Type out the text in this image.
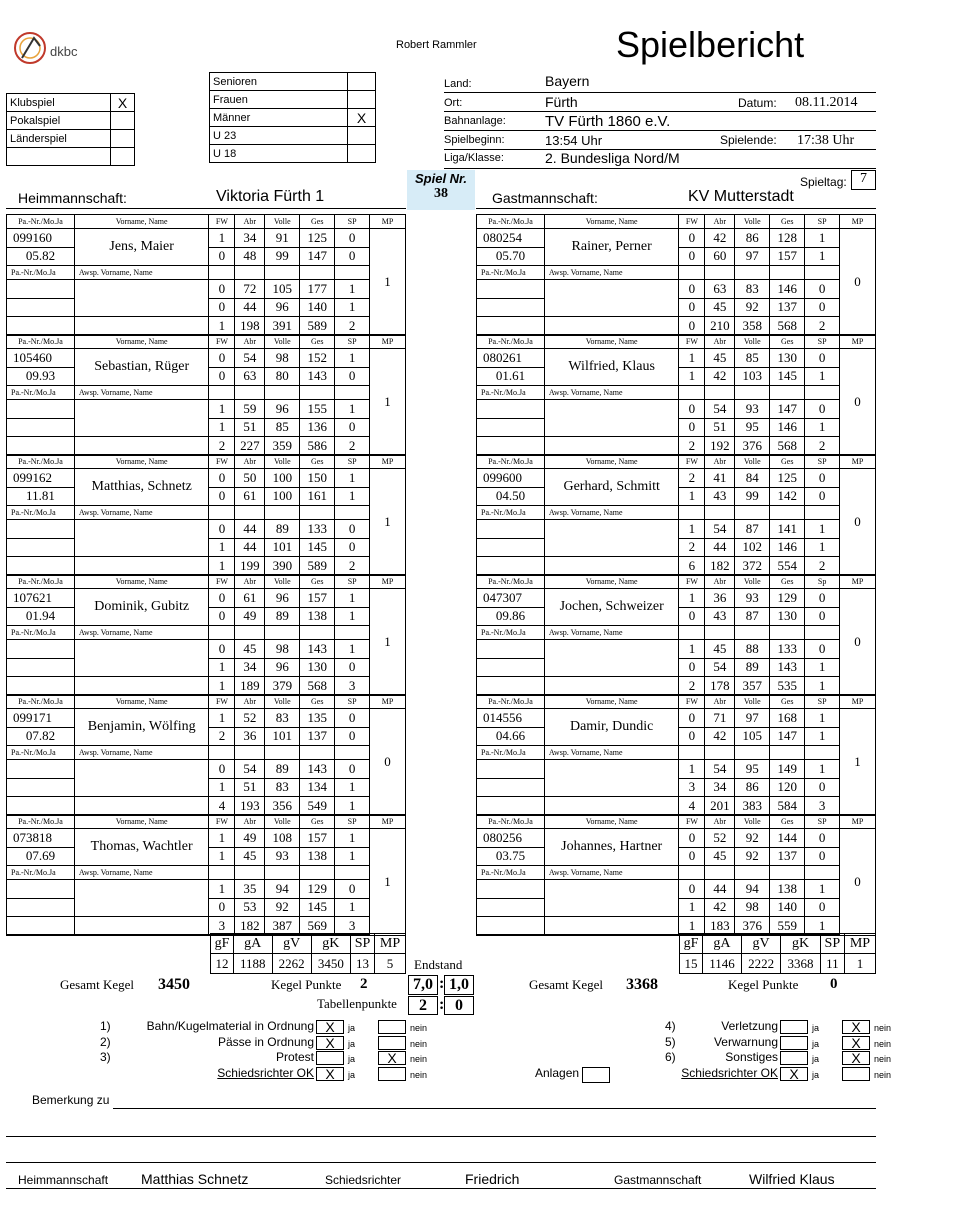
dkbc	Robert Rammler	Spielbericht
Klubspiel	X
Pokalspiel	
Länderspiel	

Senioren	
Frauen	
Männer	X
U 23	
U 18	
Land:	Bayern
Ort:	Fürth	Datum: 08.11.2014
Bahnanlage:	TV Fürth 1860 e.V.
Spielbeginn:	13:54 Uhr	Spielende: 17:38 Uhr
Liga/Klasse:	2. Bundesliga Nord/M
Spieltag: 7
Spiel Nr.
38
Heimmannschaft:	Viktoria Fürth 1	Gastmannschaft:	KV Mutterstadt
Pa.-Nr./Mo.Ja	Vorname, Name	FW	Abr	Volle	Ges	SP	MP
099160	Jens, Maier	1	34	91	125	0	1
05.82		0	48	99	147	0	
Pa.-Nr./Mo.Ja	Awsp. Vorname, Name						
		0	72	105	177	1	
		0	44	96	140	1	
		1	198	391	589	2	
Pa.-Nr./Mo.Ja	Vorname, Name	FW	Abr	Volle	Ges	SP	MP
105460	Sebastian, Rüger	0	54	98	152	1	1
09.93		0	63	80	143	0	
Pa.-Nr./Mo.Ja	Awsp. Vorname, Name						
		1	59	96	155	1	
		1	51	85	136	0	
		2	227	359	586	2	
Pa.-Nr./Mo.Ja	Vorname, Name	FW	Abr	Volle	Ges	SP	MP
099162	Matthias, Schnetz	0	50	100	150	1	1
11.81		0	61	100	161	1	
Pa.-Nr./Mo.Ja	Awsp. Vorname, Name						
		0	44	89	133	0	
		1	44	101	145	0	
		1	199	390	589	2	
Pa.-Nr./Mo.Ja	Vorname, Name	FW	Abr	Volle	Ges	SP	MP
107621	Dominik, Gubitz	0	61	96	157	1	1
01.94		0	49	89	138	1	
Pa.-Nr./Mo.Ja	Awsp. Vorname, Name						
		0	45	98	143	1	
		1	34	96	130	0	
		1	189	379	568	3	
Pa.-Nr./Mo.Ja	Vorname, Name	FW	Abr	Volle	Ges	SP	MP
099171	Benjamin, Wölfing	1	52	83	135	0	0
07.82		2	36	101	137	0	
Pa.-Nr./Mo.Ja	Awsp. Vorname, Name						
		0	54	89	143	0	
		1	51	83	134	1	
		4	193	356	549	1	
Pa.-Nr./Mo.Ja	Vorname, Name	FW	Abr	Volle	Ges	SP	MP
073818	Thomas, Wachtler	1	49	108	157	1	1
07.69		1	45	93	138	1	
Pa.-Nr./Mo.Ja	Awsp. Vorname, Name						
		1	35	94	129	0	
		0	53	92	145	1	
		3	182	387	569	3	
Pa.-Nr./Mo.Ja	Vorname, Name	FW	Abr	Volle	Ges	SP	MP
080254	Rainer, Perner	0	42	86	128	1	0
05.70		0	60	97	157	1	
Pa.-Nr./Mo.Ja	Awsp. Vorname, Name						
		0	63	83	146	0	
		0	45	92	137	0	
		0	210	358	568	2	
Pa.-Nr./Mo.Ja	Vorname, Name	FW	Abr	Volle	Ges	SP	MP
080261	Wilfried, Klaus	1	45	85	130	0	0
01.61		1	42	103	145	1	
Pa.-Nr./Mo.Ja	Awsp. Vorname, Name						
		0	54	93	147	0	
		0	51	95	146	1	
		2	192	376	568	2	
Pa.-Nr./Mo.Ja	Vorname, Name	FW	Abr	Volle	Ges	SP	MP
099600	Gerhard, Schmitt	2	41	84	125	0	0
04.50		1	43	99	142	0	
Pa.-Nr./Mo.Ja	Awsp. Vorname, Name						
		1	54	87	141	1	
		2	44	102	146	1	
		6	182	372	554	2	
Pa.-Nr./Mo.Ja	Vorname, Name	FW	Abr	Volle	Ges	Sp	MP
047307	Jochen, Schweizer	1	36	93	129	0	0
09.86		0	43	87	130	0	
Pa.-Nr./Mo.Ja	Awsp. Vorname, Name						
		1	45	88	133	0	
		0	54	89	143	1	
		2	178	357	535	1	
Pa.-Nr./Mo.Ja	Vorname, Name	FW	Abr	Volle	Ges	SP	MP
014556	Damir, Dundic	0	71	97	168	1	1
04.66		0	42	105	147	1	
Pa.-Nr./Mo.Ja	Awsp. Vorname, Name						
		1	54	95	149	1	
		3	34	86	120	0	
		4	201	383	584	3	
Pa.-Nr./Mo.Ja	Vorname, Name	FW	Abr	Volle	Ges	SP	MP
080256	Johannes, Hartner	0	52	92	144	0	0
03.75		0	45	92	137	0	
Pa.-Nr./Mo.Ja	Awsp. Vorname, Name						
		0	44	94	138	1	
		1	42	98	140	0	
		1	183	376	559	1	
gF	gA	gV	gK	SP	MP
12	1188	2262	3450	13	5
gF	gA	gV	gK	SP	MP
15	1146	2222	3368	11	1
Endstand
Gesamt Kegel 3450	Kegel Punkte 2	7,0 : 1,0
Tabellenpunkte	2 : 0
Gesamt Kegel 3368	Kegel Punkte 0
1)	Bahn/Kugelmaterial in Ordnung X	ja	nein	4)	Verletzung	ja	X	nein
2)	Pässe in Ordnung X	ja	nein	5)	Verwarnung	ja	X	nein
3)	Protest	ja	X	nein	6)	Sonstiges	ja	X	nein
Schiedsrichter OK X	ja	nein	Schiedsrichter OK X	ja	nein
Anlagen
Bemerkung zu
Heimmannschaft Matthias Schnetz	Schiedsrichter	Friedrich	Gastmannschaft	Wilfried Klaus
